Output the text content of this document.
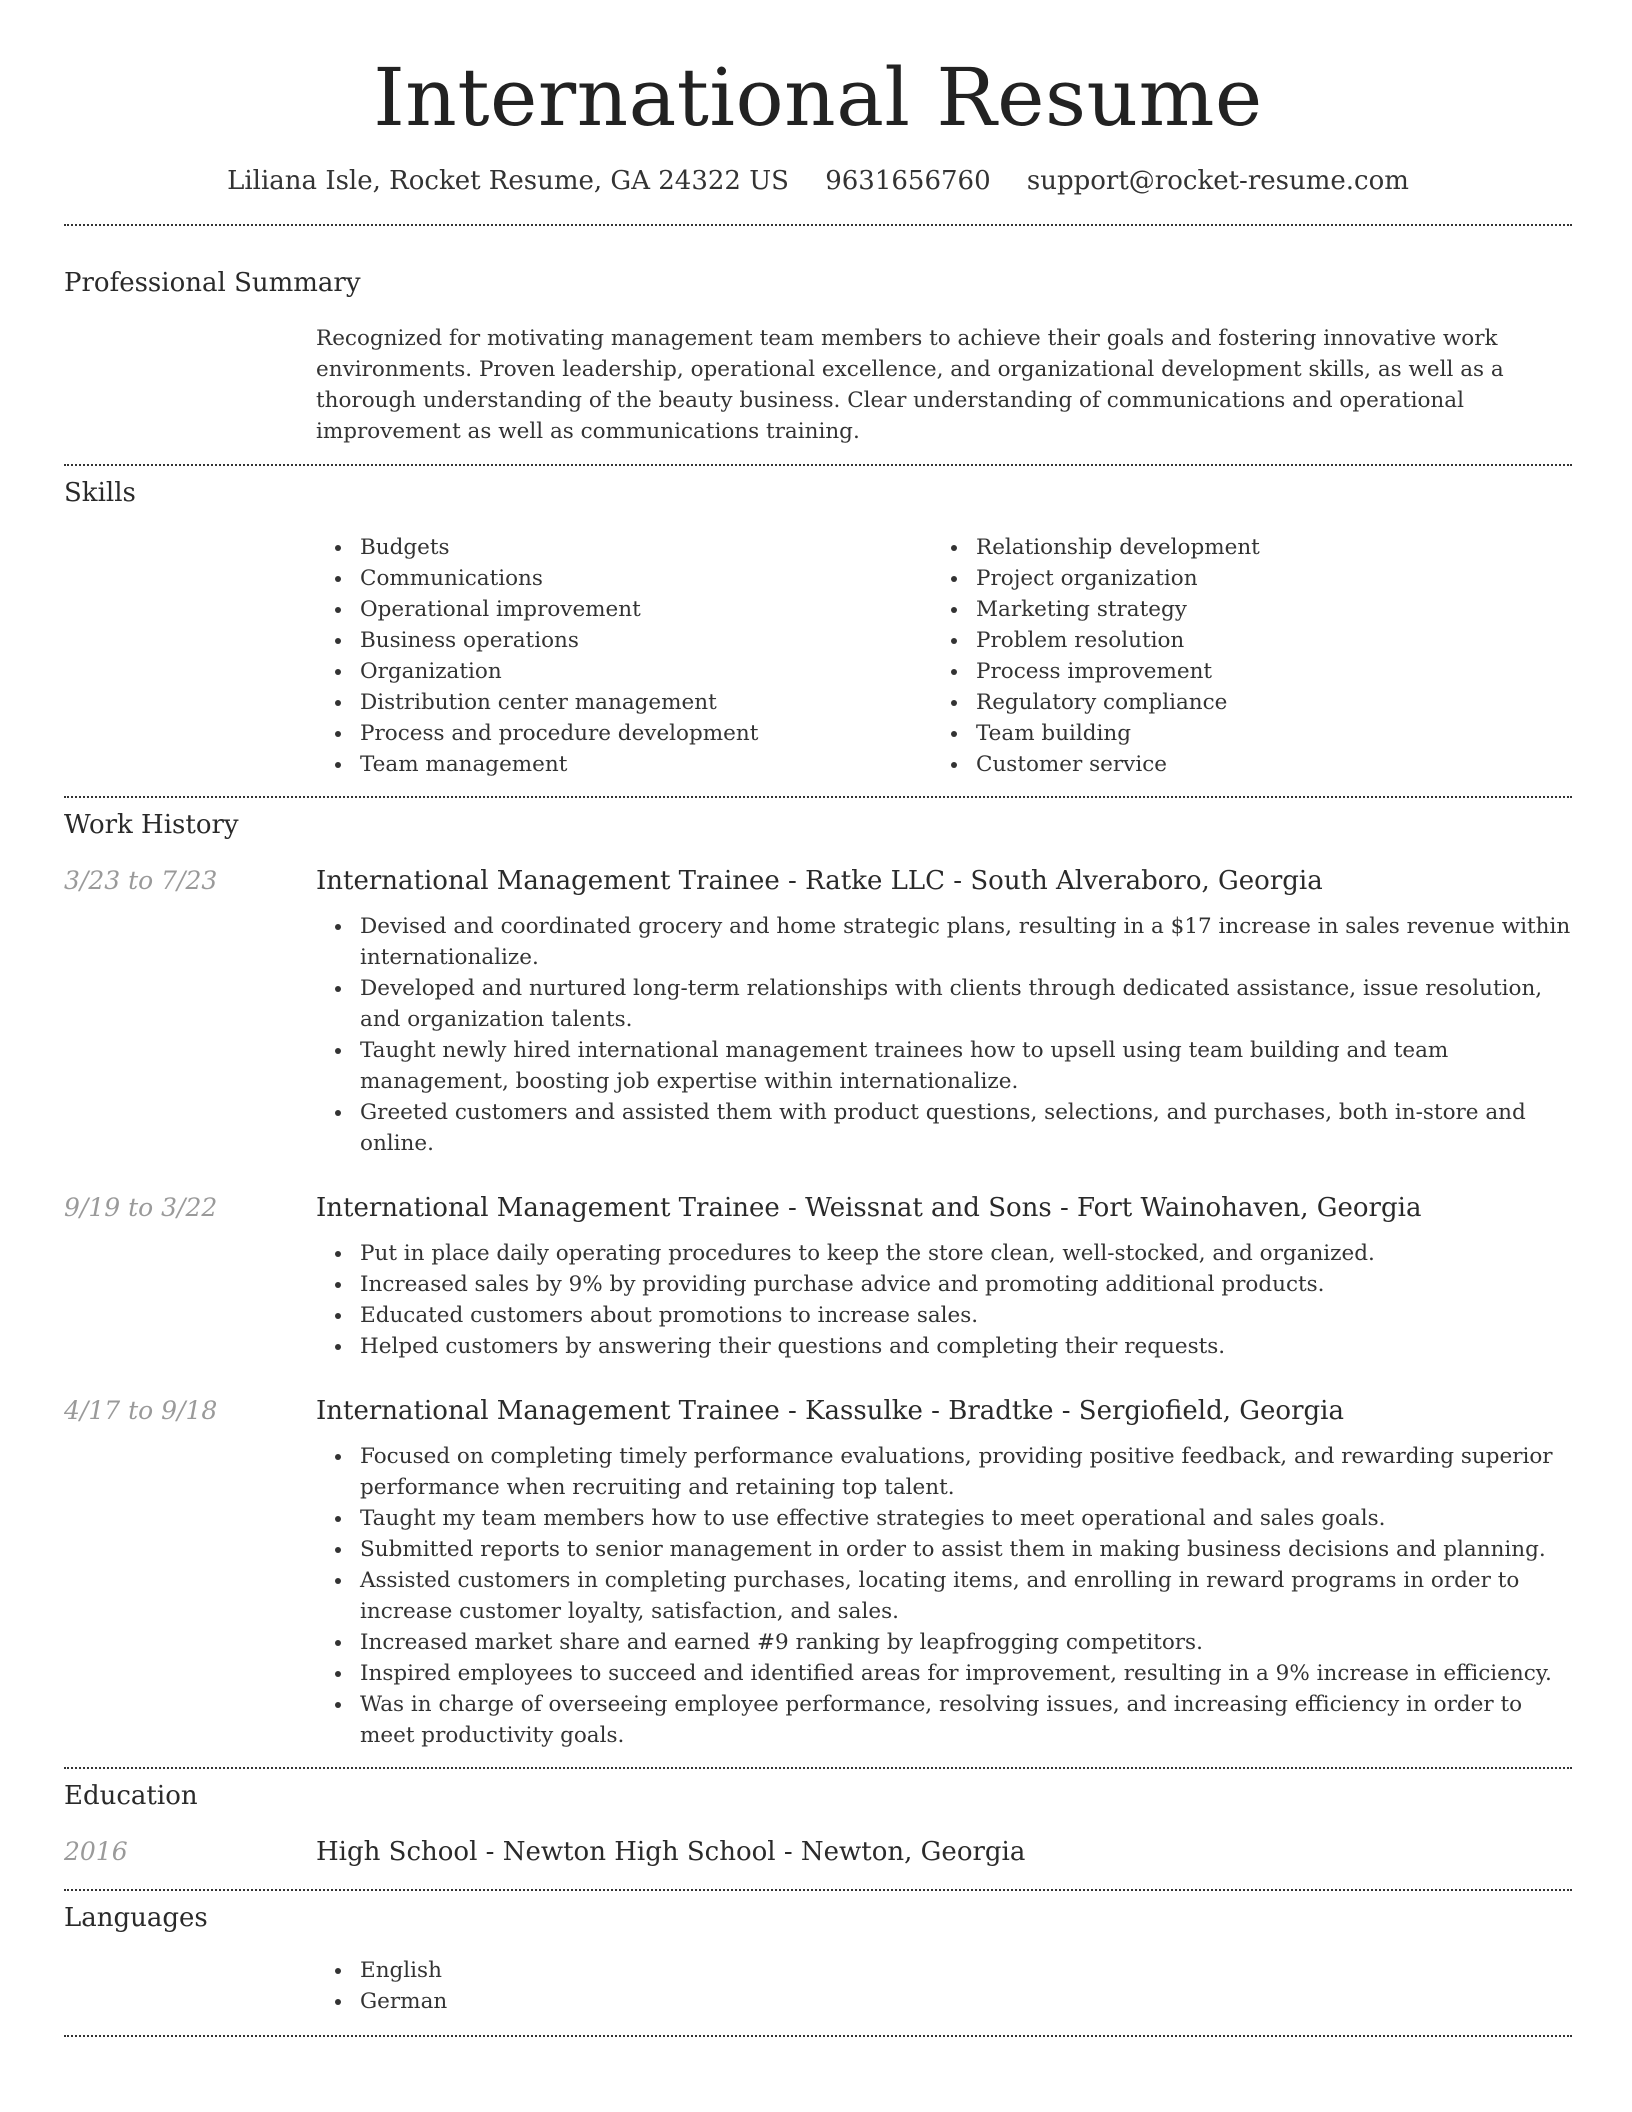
International Resume
Liliana Isle, Rocket Resume, GA 24322 US 9631656760 support@rocket-resume.com
Professional Summary

Recognized for motivating management team members to achieve their goals and fostering innovative work environments. Proven leadership, operational excellence, and organizational development skills, as well as a thorough understanding of the beauty business. Clear understanding of communications and operational improvement as well as communications training.

Skills
Budgets
Communications
Operational improvement
Business operations
Organization
Distribution center management
Process and procedure development
Team management
Relationship development
Project organization
Marketing strategy
Problem resolution
Process improvement
Regulatory compliance
Team building
Customer service
Work History
3/23 to 7/23	International Management Trainee - Ratke LLC - South Alveraboro, Georgia
Devised and coordinated grocery and home strategic plans, resulting in a $17 increase in sales revenue within internationalize.
Developed and nurtured long-term relationships with clients through dedicated assistance, issue resolution, and organization talents.
Taught newly hired international management trainees how to upsell using team building and team management, boosting job expertise within internationalize.
Greeted customers and assisted them with product questions, selections, and purchases, both in-store and online.
9/19 to 3/22	International Management Trainee - Weissnat and Sons - Fort Wainohaven, Georgia
Put in place daily operating procedures to keep the store clean, well-stocked, and organized.
Increased sales by 9% by providing purchase advice and promoting additional products.
Educated customers about promotions to increase sales.
Helped customers by answering their questions and completing their requests.
4/17 to 9/18	International Management Trainee - Kassulke - Bradtke - Sergiofield, Georgia
Focused on completing timely performance evaluations, providing positive feedback, and rewarding superior performance when recruiting and retaining top talent.
Taught my team members how to use effective strategies to meet operational and sales goals.
Submitted reports to senior management in order to assist them in making business decisions and planning.
Assisted customers in completing purchases, locating items, and enrolling in reward programs in order to increase customer loyalty, satisfaction, and sales.
Increased market share and earned #9 ranking by leapfrogging competitors.
Inspired employees to succeed and identified areas for improvement, resulting in a 9% increase in efficiency.
Was in charge of overseeing employee performance, resolving issues, and increasing efficiency in order to meet productivity goals.
Education
2016	High School - Newton High School - Newton, Georgia
Languages
English
German
